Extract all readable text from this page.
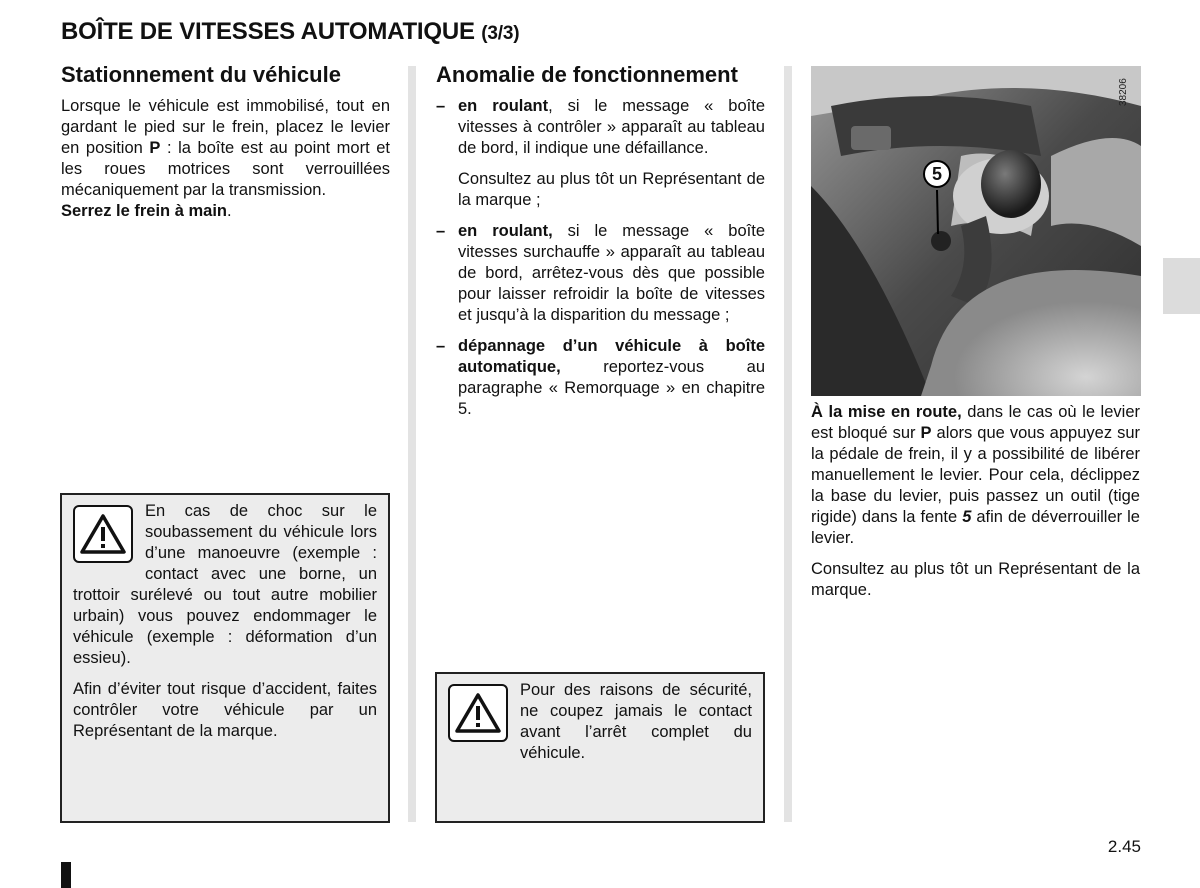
BOÎTE DE VITESSES AUTOMATIQUE (3/3)
Stationnement du véhicule
Lorsque le véhicule est immobilisé, tout en gardant le pied sur le frein, placez le levier en position P : la boîte est au point mort et les roues motrices sont verrouillées mécaniquement par la transmission.
Serrez le frein à main.

En cas de choc sur le soubassement du véhicule lors d’une manoeuvre (exemple : contact avec une borne, un trottoir surélevé ou tout autre mobilier urbain) vous pouvez endommager le véhicule (exemple : déformation d’un essieu).

Afin d’éviter tout risque d’accident, faites contrôler votre véhicule par un Représentant de la marque.

Anomalie de fonctionnement
– en roulant, si le message « boîte vitesses à contrôler » apparaît au tableau de bord, il indique une défaillance.

Consultez au plus tôt un Représentant de la marque ;

– en roulant, si le message « boîte vitesses surchauffe » apparaît au tableau de bord, arrêtez-vous dès que possible pour laisser refroidir la boîte de vitesses et jusqu’à la disparition du message ;

– dépannage d’un véhicule à boîte automatique, reportez-vous au paragraphe « Remorquage » en chapitre 5.

Pour des raisons de sécurité, ne coupez jamais le contact avant l’arrêt complet du véhicule.

5
38206

À la mise en route, dans le cas où le levier est bloqué sur P alors que vous appuyez sur la pédale de frein, il y a possibilité de libérer manuellement le levier. Pour cela, déclippez la base du levier, puis passez un outil (tige rigide) dans la fente 5 afin de déverrouiller le levier.

Consultez au plus tôt un Représentant de la marque.

2.45
